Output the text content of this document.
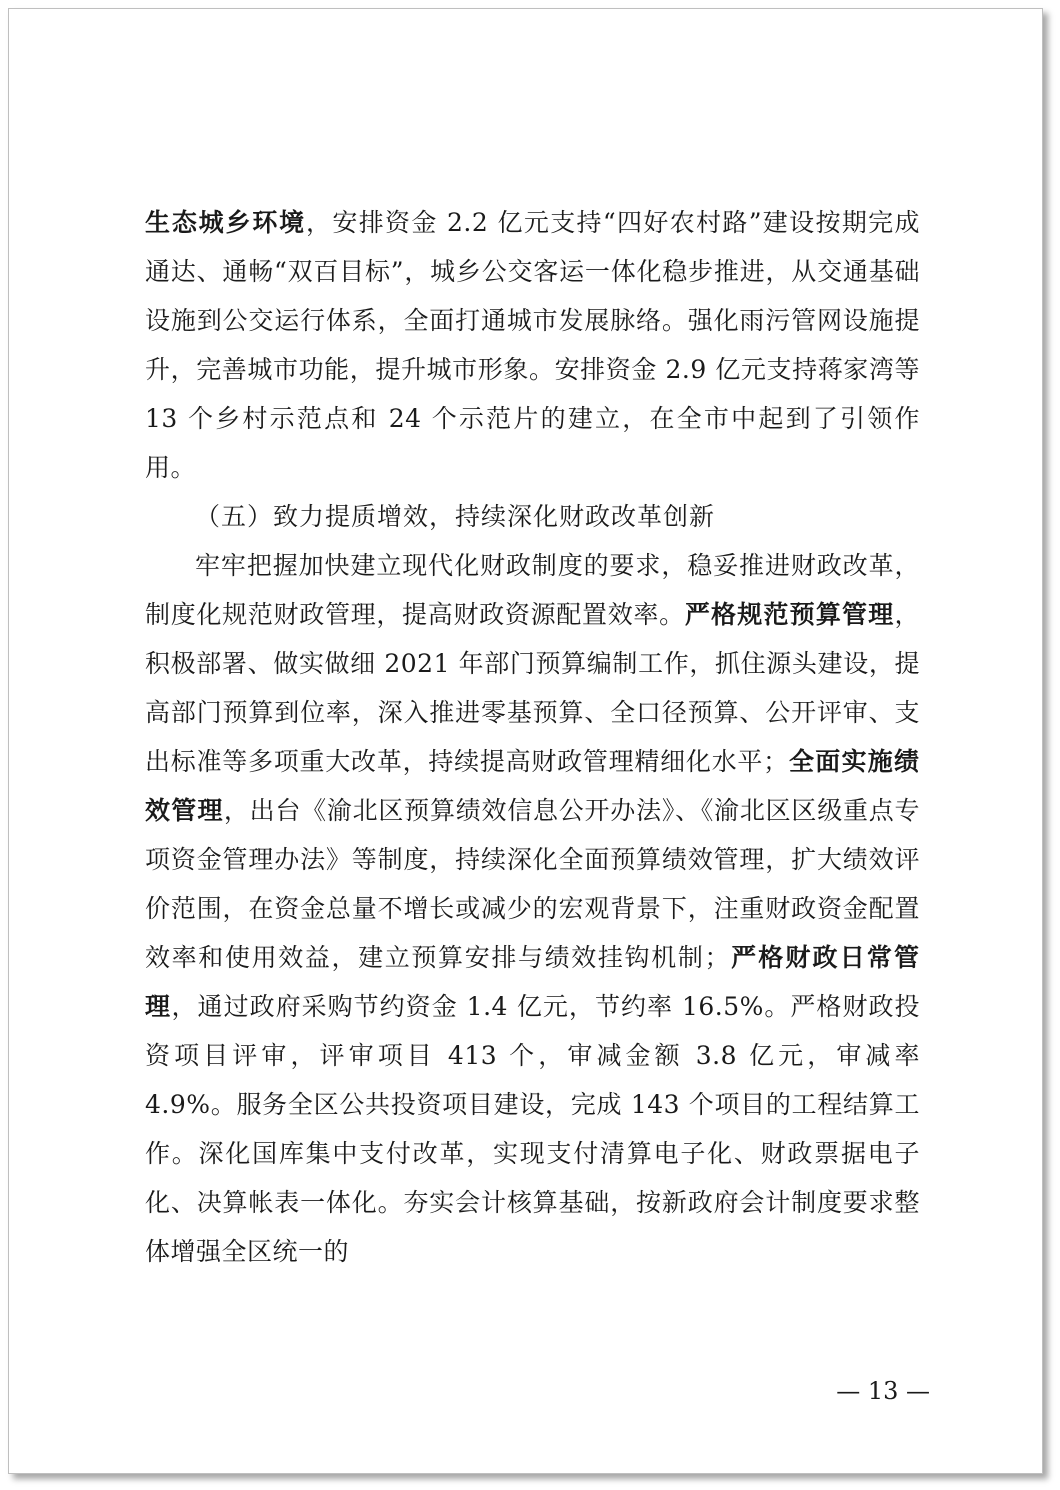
生态城乡环境，安排资金 2.2 亿元支持“四好农村路”建设按期完成通达、通畅“双百目标”，城乡公交客运一体化稳步推进，从交通基础设施到公交运行体系，全面打通城市发展脉络。强化雨污管网设施提升，完善城市功能，提升城市形象。安排资金 2.9 亿元支持蒋家湾等 13 个乡村示范点和 24 个示范片的建立，在全市中起到了引领作用。

（五）致力提质增效，持续深化财政改革创新

牢牢把握加快建立现代化财政制度的要求，稳妥推进财政改革，制度化规范财政管理，提高财政资源配置效率。严格规范预算管理，积极部署、做实做细 2021 年部门预算编制工作，抓住源头建设，提高部门预算到位率，深入推进零基预算、全口径预算、公开评审、支出标准等多项重大改革，持续提高财政管理精细化水平；全面实施绩效管理，出台《渝北区预算绩效信息公开办法》、《渝北区区级重点专项资金管理办法》等制度，持续深化全面预算绩效管理，扩大绩效评价范围，在资金总量不增长或减少的宏观背景下，注重财政资金配置效率和使用效益，建立预算安排与绩效挂钩机制；严格财政日常管理，通过政府采购节约资金 1.4 亿元，节约率 16.5%。严格财政投资项目评审，评审项目 413 个，审减金额 3.8 亿元，审减率 4.9%。服务全区公共投资项目建设，完成 143 个项目的工程结算工作。深化国库集中支付改革，实现支付清算电子化、财政票据电子化、决算帐表一体化。夯实会计核算基础，按新政府会计制度要求整体增强全区统一的

— 13 —
